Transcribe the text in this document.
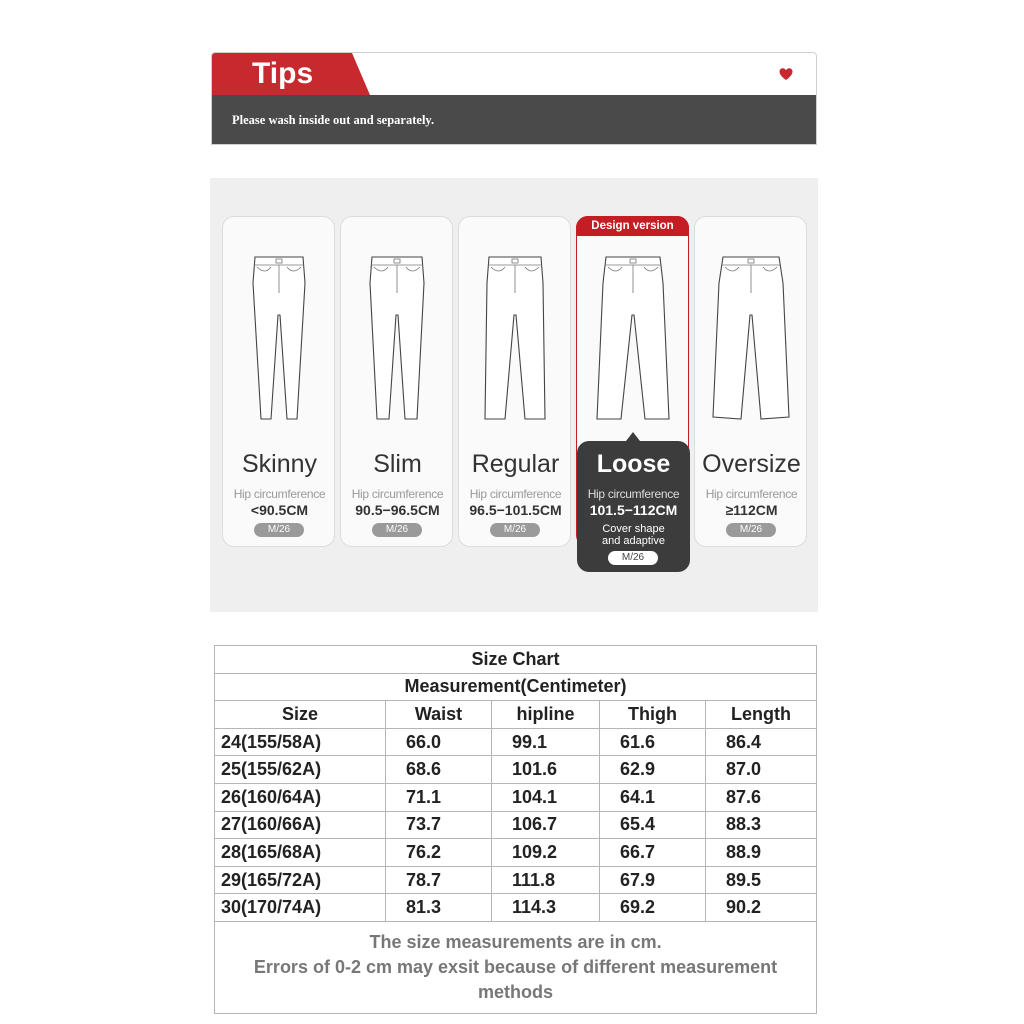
Tips
Please wash inside out and separately.
Skinny
Hip circumference
<90.5CM
M/26
Slim
Hip circumference
90.5−96.5CM
M/26
Regular
Hip circumference
96.5−101.5CM
M/26
Design version
Loose
Hip circumference
101.5−112CM
Cover shape
and adaptive
M/26
Oversize
Hip circumference
≥112CM
M/26
Size Chart				
Measurement(Centimeter)				
Size	Waist	hipline	Thigh	Length
24(155/58A)	66.0	99.1	61.6	86.4
25(155/62A)	68.6	101.6	62.9	87.0
26(160/64A)	71.1	104.1	64.1	87.6
27(160/66A)	73.7	106.7	65.4	88.3
28(165/68A)	76.2	109.2	66.7	88.9
29(165/72A)	78.7	111.8	67.9	89.5
30(170/74A)	81.3	114.3	69.2	90.2

The size measurements are in cm.
Errors of 0-2 cm may exsit because of different measurement methods				
